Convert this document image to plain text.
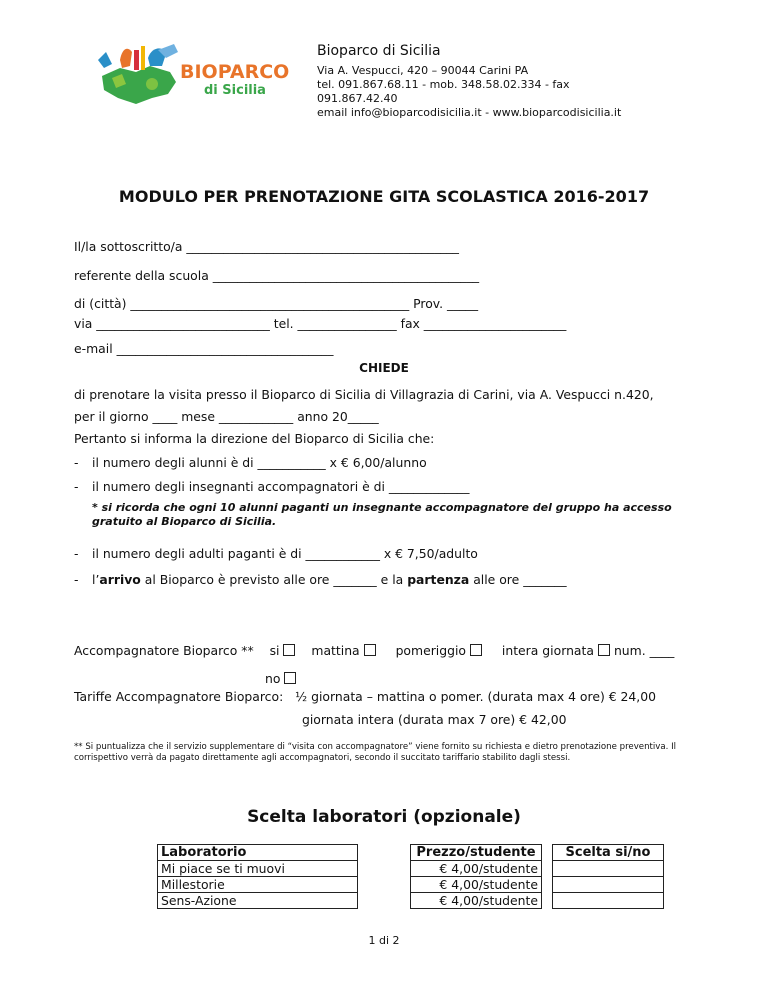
BIOPARCO
di Sicilia
Bioparco di Sicilia
Via A. Vespucci, 420 – 90044 Carini PA
tel. 091.867.68.11 - mob. 348.58.02.334 - fax
091.867.42.40
email info@bioparcodisicilia.it - www.bioparcodisicilia.it
MODULO PER PRENOTAZIONE GITA SCOLASTICA 2016-2017
Il/la sottoscritto/a ____________________________________________
referente della scuola ___________________________________________
di (città) _____________________________________________ Prov. _____
via ____________________________ tel. ________________ fax _______________________
e-mail ___________________________________
CHIEDE
di prenotare la visita presso il Bioparco di Sicilia di Villagrazia di Carini, via A. Vespucci n.420,
per il giorno ____ mese ____________ anno 20_____
Pertanto si informa la direzione del Bioparco di Sicilia che:
- il numero degli alunni è di ___________ x € 6,00/alunno
- il numero degli insegnanti accompagnatori è di _____________
* si ricorda che ogni 10 alunni paganti un insegnante accompagnatore del gruppo ha accesso gratuito al Bioparco di Sicilia.
- il numero degli adulti paganti è di ____________ x € 7,50/adulto
- l’arrivo al Bioparco è previsto alle ore _______ e la partenza alle ore _______
Accompagnatore Bioparco ** si	mattina	pomeriggio	intera giornata num. ____
no
Tariffe Accompagnatore Bioparco: ½ giornata – mattina o pomer. (durata max 4 ore) € 24,00
giornata intera (durata max 7 ore) € 42,00
** Si puntualizza che il servizio supplementare di “visita con accompagnatore” viene fornito su richiesta e dietro prenotazione preventiva. Il corrispettivo verrà da pagato direttamente agli accompagnatori, secondo il succitato tariffario stabilito dagli stessi.
Scelta laboratori (opzionale)
Laboratorio		Prezzo/studente		Scelta si/no
Mi piace se ti muovi		€ 4,00/studente		
Millestorie		€ 4,00/studente		
Sens-Azione		€ 4,00/studente		
1 di 2
